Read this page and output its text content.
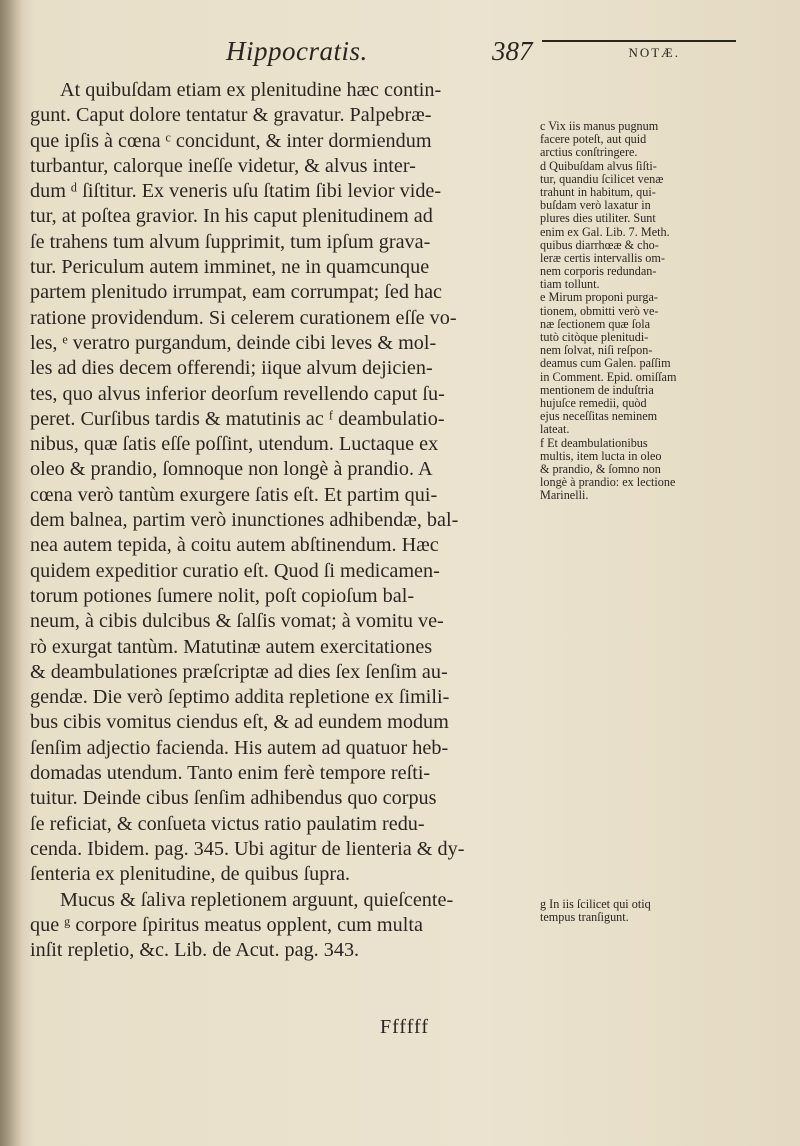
Hippocratis.	387	NOTÆ.
At quibuſdam etiam ex plenitudine hæc contin-
gunt. Caput dolore tentatur & gravatur. Palpebræ-
que ipſis à cœna ᶜ concidunt, & inter dormiendum
turbantur, calorque ineſſe videtur, & alvus inter-
dum ᵈ ſiſtitur. Ex veneris uſu ſtatim ſibi levior vide-
tur, at poſtea gravior. In his caput plenitudinem ad
ſe trahens tum alvum ſupprimit, tum ipſum grava-
tur. Periculum autem imminet, ne in quamcunque
partem plenitudo irrumpat, eam corrumpat; ſed hac
ratione providendum. Si celerem curationem eſſe vo-
les, ᵉ veratro purgandum, deinde cibi leves & mol-
les ad dies decem offerendi; iique alvum dejicien-
tes, quo alvus inferior deorſum revellendo caput ſu-
peret. Curſibus tardis & matutinis ac ᶠ deambulatio-
nibus, quæ ſatis eſſe poſſint, utendum. Luctaque ex
oleo & prandio, ſomnoque non longè à prandio. A
cœna verò tantùm exurgere ſatis eſt. Et partim qui-
dem balnea, partim verò inunctiones adhibendæ, bal-
nea autem tepida, à coitu autem abſtinendum. Hæc
quidem expeditior curatio eſt. Quod ſi medicamen-
torum potiones ſumere nolit, poſt copioſum bal-
neum, à cibis dulcibus & ſalſis vomat; à vomitu ve-
rò exurgat tantùm. Matutinæ autem exercitationes
& deambulationes præſcriptæ ad dies ſex ſenſim au-
gendæ. Die verò ſeptimo addita repletione ex ſimili-
bus cibis vomitus ciendus eſt, & ad eundem modum
ſenſim adjectio facienda. His autem ad quatuor heb-
domadas utendum. Tanto enim ferè tempore reſti-
tuitur. Deinde cibus ſenſim adhibendus quo corpus
ſe reficiat, & conſueta victus ratio paulatim redu-
cenda. Ibidem. pag. 345. Ubi agitur de lienteria & dy-
ſenteria ex plenitudine, de quibus ſupra.
Mucus & ſaliva repletionem arguunt, quieſcente-
que ᵍ corpore ſpiritus meatus opplent, cum multa
inſit repletio, &c. Lib. de Acut. pag. 343.
c Vix iis manus pugnum
facere poteſt, aut quid
arctius conſtringere.
d Quibuſdam alvus ſiſti-
tur, quandiu ſcilicet venæ
trahunt in habitum, qui-
buſdam verò laxatur in
plures dies utiliter. Sunt
enim ex Gal. Lib. 7. Meth.
quibus diarrhœæ & cho-
leræ certis intervallis om-
nem corporis redundan-
tiam tollunt.
e Mirum proponi purga-
tionem, obmitti verò ve-
næ ſectionem quæ ſola
tutò citòque plenitudi-
nem ſolvat, niſi reſpon-
deamus cum Galen. paſſim
in Comment. Epid. omiſſam
mentionem de induſtria
hujuſce remedii, quòd
ejus neceſſitas neminem
lateat.
f Et deambulationibus
multis, item lucta in oleo
& prandio, & ſomno non
longè à prandio: ex lectione
Marinelli.
g In iis ſcilicet qui otiq
tempus tranſigunt.
Ffffff
